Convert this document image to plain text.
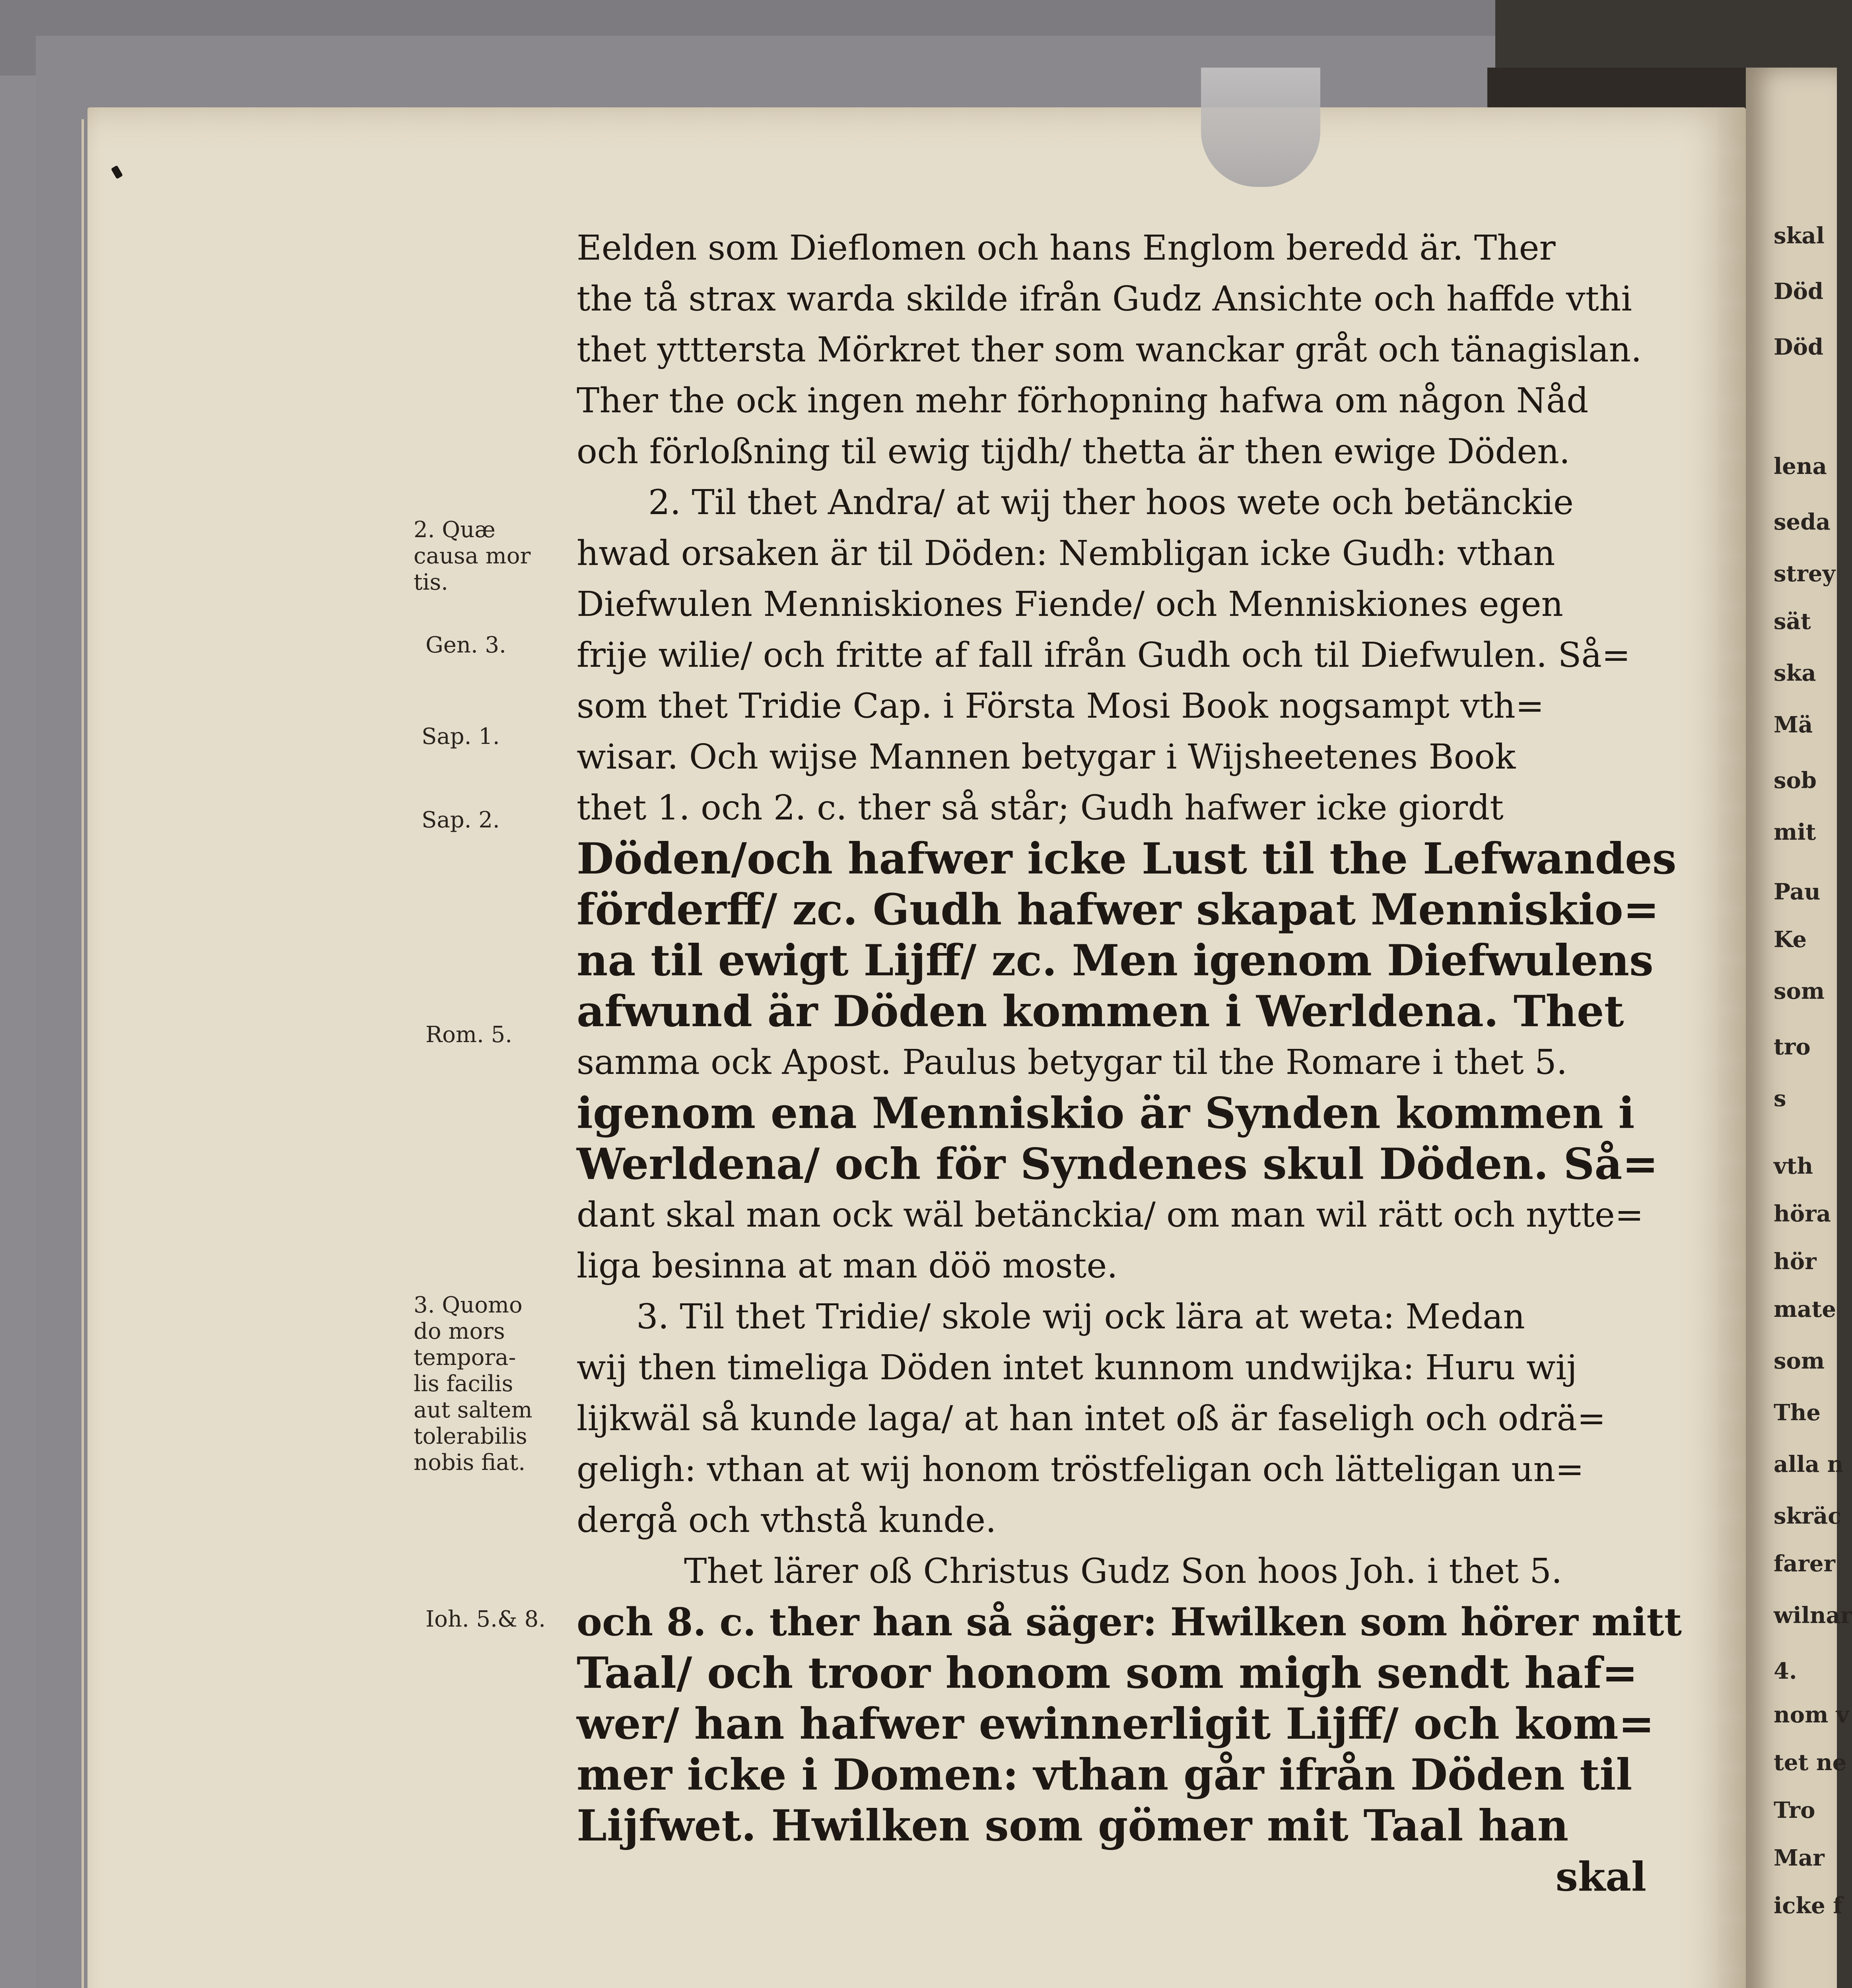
Eelden som Dieflomen och hans Englom beredd är. Ther
the tå strax warda skilde ifrån Gudz Ansichte och haffde vthi
thet ytttersta Mörkret ther som wanckar gråt och tänagislan.
Ther the ock ingen mehr förhopning hafwa om någon Nåd
och förloßning til ewig tijdh/ thetta är then ewige Döden.
2. Til thet Andra/ at wij ther hoos wete och betänckie
hwad orsaken är til Döden: Nembligan icke Gudh: vthan
Diefwulen Menniskiones Fiende/ och Menniskiones egen
frije wilie/ och fritte af fall ifrån Gudh och til Diefwulen. Så=
som thet Tridie Cap. i Första Mosi Book nogsampt vth=
wisar. Och wijse Mannen betygar i Wijsheetenes Book
thet 1. och 2. c. ther så står; Gudh hafwer icke giordt
Döden/och hafwer icke Lust til the Lefwandes
förderff/ zc. Gudh hafwer skapat Menniskio=
na til ewigt Lijff/ zc. Men igenom Diefwulens
afwund är Döden kommen i Werldena. Thet
samma ock Apost. Paulus betygar til the Romare i thet 5.
igenom ena Menniskio är Synden kommen i
Werldena/ och för Syndenes skul Döden. Så=
dant skal man ock wäl betänckia/ om man wil rätt och nytte=
liga besinna at man döö moste.
3. Til thet Tridie/ skole wij ock lära at weta: Medan
wij then timeliga Döden intet kunnom undwijka: Huru wij
lijkwäl så kunde laga/ at han intet oß är faseligh och odrä=
geligh: vthan at wij honom tröstfeligan och lätteligan un=
dergå och vthstå kunde.
Thet lärer oß Christus Gudz Son hoos Joh. i thet 5.
och 8. c. ther han så säger: Hwilken som hörer mitt
Taal/ och troor honom som migh sendt haf=
wer/ han hafwer ewinnerligit Lijff/ och kom=
mer icke i Domen: vthan går ifrån Döden til
Lijfwet. Hwilken som gömer mit Taal han
skal
2. Quæ
causa mor
tis.
Gen. 3.
Sap. 1.
Sap. 2.
Rom. 5.
3. Quomo
do mors
tempora-
lis facilis
aut saltem
tolerabilis
nobis fiat.
Ioh. 5.& 8.
skal
Död
Död
lena
seda
strey
sät
ska
Mä
sob
mit
Pau
Ke
som
tro
s
vth
höra
hör
mate
som
The
alla n
skräc
farer
wilnar
4.
nom v
tet ne
Tro
Mar
icke f
